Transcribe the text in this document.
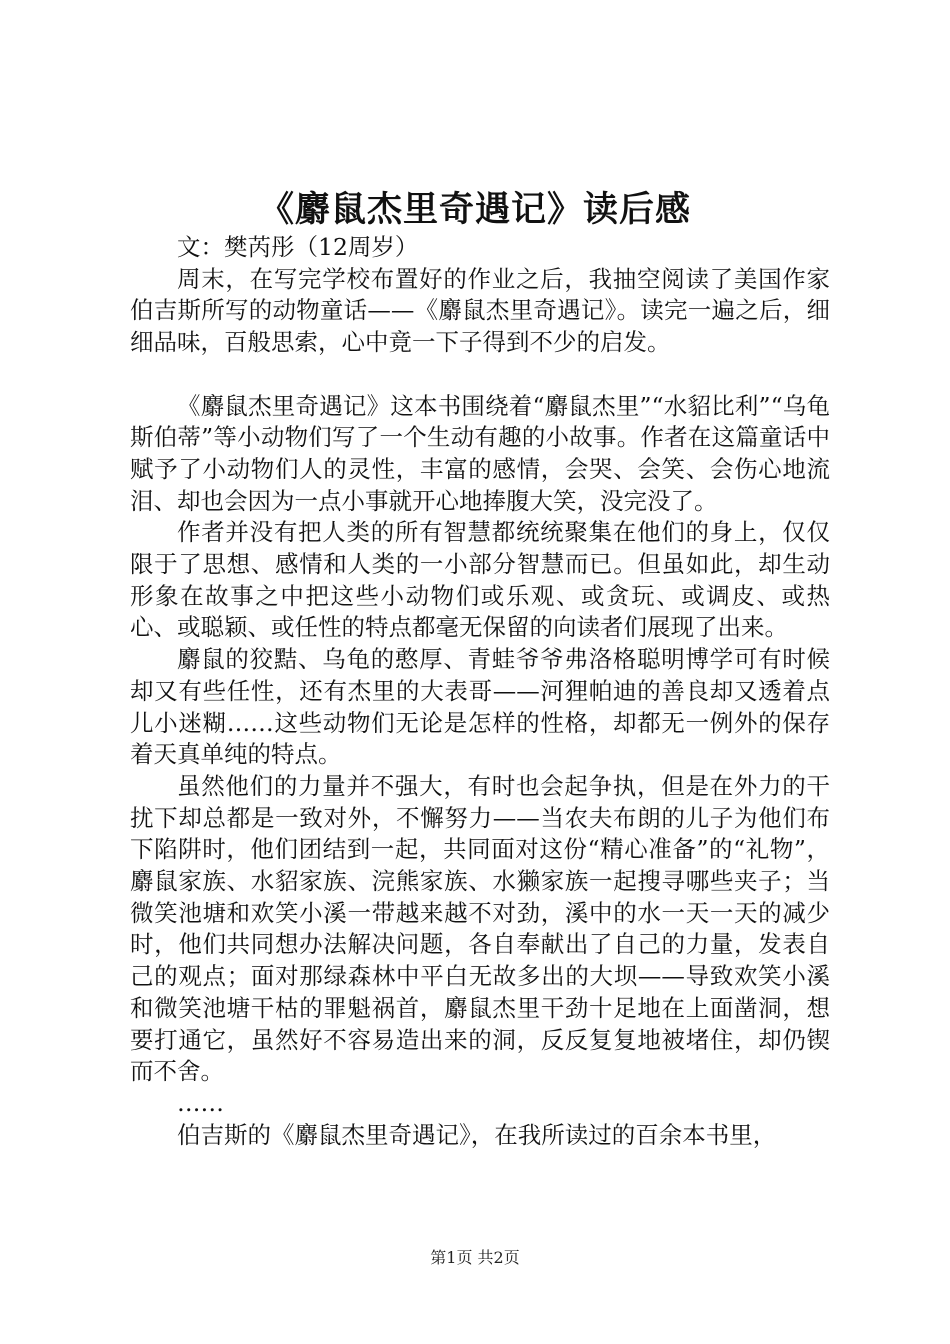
《麝鼠杰里奇遇记》读后感

文：樊芮彤（12周岁）

周末，在写完学校布置好的作业之后，我抽空阅读了美国作家伯吉斯所写的动物童话——《麝鼠杰里奇遇记》。读完一遍之后，细细品味，百般思索，心中竟一下子得到不少的启发。

《麝鼠杰里奇遇记》这本书围绕着“麝鼠杰里”“水貂比利”“乌龟斯伯蒂”等小动物们写了一个生动有趣的小故事。作者在这篇童话中赋予了小动物们人的灵性，丰富的感情，会哭、会笑、会伤心地流泪、却也会因为一点小事就开心地捧腹大笑，没完没了。

作者并没有把人类的所有智慧都统统聚集在他们的身上，仅仅限于了思想、感情和人类的一小部分智慧而已。但虽如此，却生动形象在故事之中把这些小动物们或乐观、或贪玩、或调皮、或热心、或聪颖、或任性的特点都毫无保留的向读者们展现了出来。

麝鼠的狡黠、乌龟的憨厚、青蛙爷爷弗洛格聪明博学可有时候却又有些任性，还有杰里的大表哥——河狸帕迪的善良却又透着点儿小迷糊……这些动物们无论是怎样的性格，却都无一例外的保存着天真单纯的特点。

虽然他们的力量并不强大，有时也会起争执，但是在外力的干扰下却总都是一致对外，不懈努力——当农夫布朗的儿子为他们布下陷阱时，他们团结到一起，共同面对这份“精心准备”的“礼物”，麝鼠家族、水貂家族、浣熊家族、水獭家族一起搜寻哪些夹子；当微笑池塘和欢笑小溪一带越来越不对劲，溪中的水一天一天的减少时，他们共同想办法解决问题，各自奉献出了自己的力量，发表自己的观点；面对那绿森林中平白无故多出的大坝——导致欢笑小溪和微笑池塘干枯的罪魁祸首，麝鼠杰里干劲十足地在上面凿洞，想要打通它，虽然好不容易造出来的洞，反反复复地被堵住，却仍锲而不舍。

……

伯吉斯的《麝鼠杰里奇遇记》，在我所读过的百余本书里，

第1页 共2页
